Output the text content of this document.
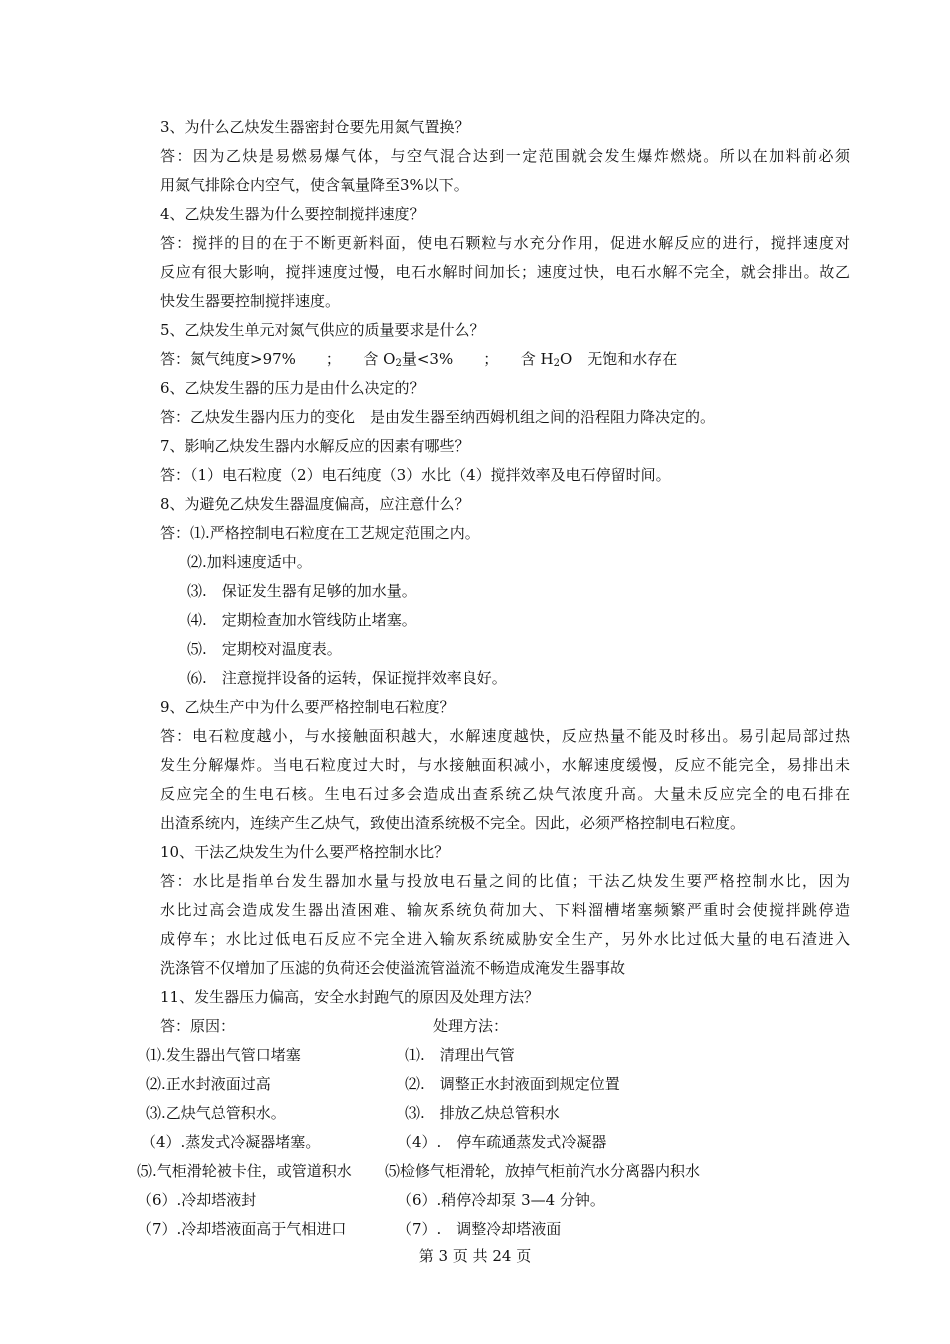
3、为什么乙炔发生器密封仓要先用氮气置换？
答：因为乙炔是易燃易爆气体，与空气混合达到一定范围就会发生爆炸燃烧。所以在加料前必须
用氮气排除仓内空气，使含氧量降至3%以下。
4、乙炔发生器为什么要控制搅拌速度？
答：搅拌的目的在于不断更新料面，使电石颗粒与水充分作用，促进水解反应的进行，搅拌速度对
反应有很大影响，搅拌速度过慢，电石水解时间加长；速度过快，电石水解不完全，就会排出。故乙
快发生器要控制搅拌速度。
5、乙炔发生单元对氮气供应的质量要求是什么？
答：氮气纯度>97%　　；　　含 $O_2$量<3%　　；　　含 $H_2O$　无饱和水存在
6、乙炔发生器的压力是由什么决定的？
答：乙炔发生器内压力的变化　是由发生器至纳西姆机组之间的沿程阻力降决定的。
7、影响乙炔发生器内水解反应的因素有哪些？
答：（1）电石粒度（2）电石纯度（3）水比（4）搅拌效率及电石停留时间。
8、为避免乙炔发生器温度偏高，应注意什么？
答：⑴.严格控制电石粒度在工艺规定范围之内。
⑵.加料速度适中。
⑶.　保证发生器有足够的加水量。
⑷.　定期检查加水管线防止堵塞。
⑸.　定期校对温度表。
⑹.　注意搅拌设备的运转，保证搅拌效率良好。
9、乙炔生产中为什么要严格控制电石粒度？
答：电石粒度越小，与水接触面积越大，水解速度越快，反应热量不能及时移出。易引起局部过热
发生分解爆炸。当电石粒度过大时，与水接触面积减小，水解速度缓慢，反应不能完全，易排出未
反应完全的生电石核。生电石过多会造成出查系统乙炔气浓度升高。大量未反应完全的电石排在
出渣系统内，连续产生乙炔气，致使出渣系统极不完全。因此，必须严格控制电石粒度。
10、干法乙炔发生为什么要严格控制水比？
答：水比是指单台发生器加水量与投放电石量之间的比值；干法乙炔发生要严格控制水比，因为
水比过高会造成发生器出渣困难、输灰系统负荷加大、下料溜槽堵塞频繁严重时会使搅拌跳停造
成停车；水比过低电石反应不完全进入输灰系统威胁安全生产，另外水比过低大量的电石渣进入
洗涤管不仅增加了压滤的负荷还会使溢流管溢流不畅造成淹发生器事故
11、发生器压力偏高，安全水封跑气的原因及处理方法？
答：原因：	处理方法：
⑴.发生器出气管口堵塞	⑴.　清理出气管
⑵.正水封液面过高	⑵.　调整正水封液面到规定位置
⑶.乙炔气总管积水。	⑶.　排放乙炔总管积水
（4）.蒸发式冷凝器堵塞。	（4）.　停车疏通蒸发式冷凝器
⑸.气柜滑轮被卡住，或管道积水 ⑸检修气柜滑轮，放掉气柜前汽水分离器内积水
（6）.冷却塔液封	（6）.稍停冷却泵 3—4 分钟。
（7）.冷却塔液面高于气相进口	（7）.　调整冷却塔液面
第 3 页 共 24 页
